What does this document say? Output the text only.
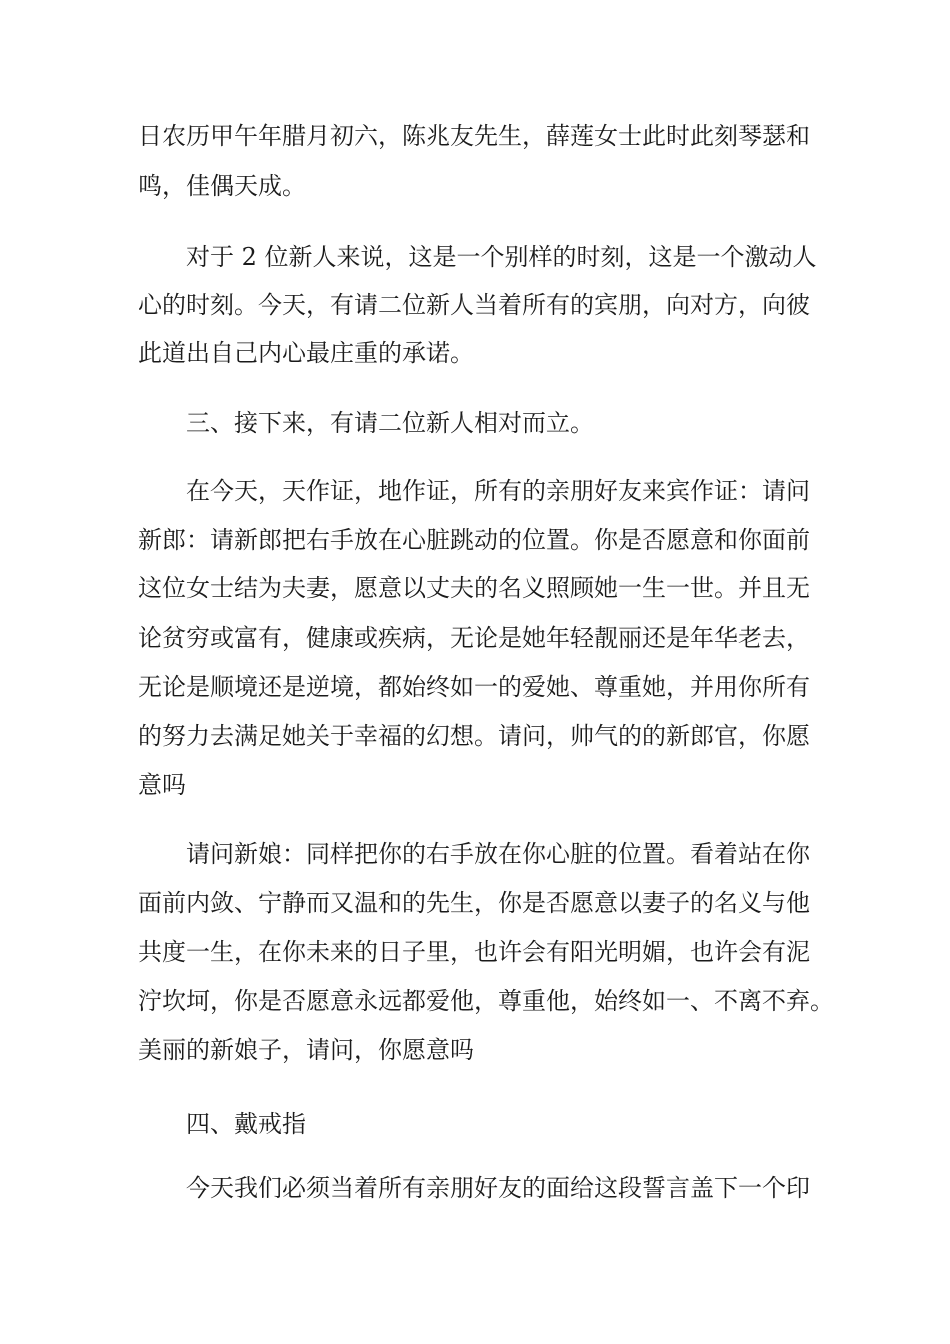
日农历甲午年腊月初六，陈兆友先生，薛莲女士此时此刻琴瑟和
鸣，佳偶天成。
对于 2 位新人来说，这是一个别样的时刻，这是一个激动人
心的时刻。今天，有请二位新人当着所有的宾朋，向对方，向彼
此道出自己内心最庄重的承诺。
三、接下来，有请二位新人相对而立。
在今天，天作证，地作证，所有的亲朋好友来宾作证：请问
新郎：请新郎把右手放在心脏跳动的位置。你是否愿意和你面前
这位女士结为夫妻，愿意以丈夫的名义照顾她一生一世。并且无
论贫穷或富有，健康或疾病，无论是她年轻靓丽还是年华老去，
无论是顺境还是逆境，都始终如一的爱她、尊重她，并用你所有
的努力去满足她关于幸福的幻想。请问，帅气的的新郎官，你愿
意吗
请问新娘：同样把你的右手放在你心脏的位置。看着站在你
面前内敛、宁静而又温和的先生，你是否愿意以妻子的名义与他
共度一生，在你未来的日子里，也许会有阳光明媚，也许会有泥
泞坎坷，你是否愿意永远都爱他，尊重他，始终如一、不离不弃。
美丽的新娘子，请问，你愿意吗
四、戴戒指
今天我们必须当着所有亲朋好友的面给这段誓言盖下一个印
